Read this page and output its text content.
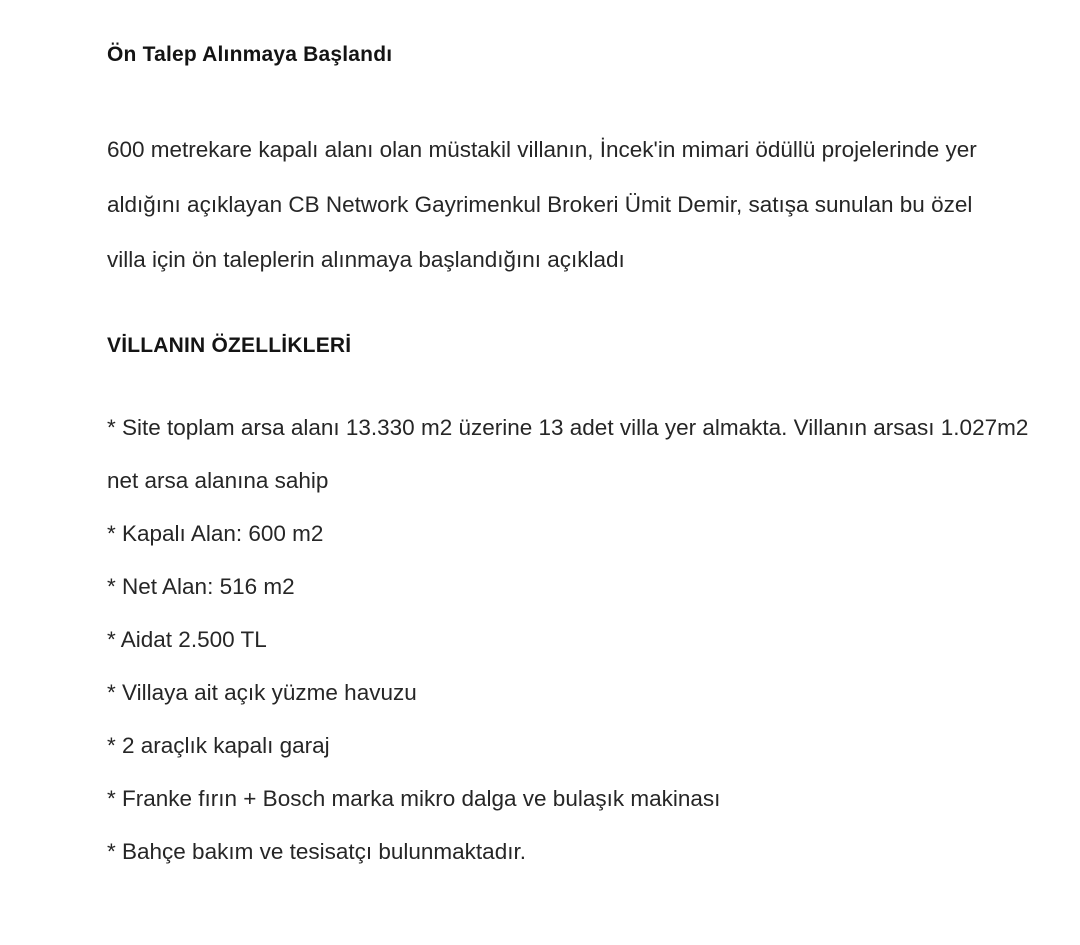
Ön Talep Alınmaya Başlandı

600 metrekare kapalı alanı olan müstakil villanın, İncek'in mimari ödüllü projelerinde yer aldığını açıklayan CB Network Gayrimenkul Brokeri Ümit Demir, satışa sunulan bu özel villa için ön taleplerin alınmaya başlandığını açıkladı

VİLLANIN ÖZELLİKLERİ
* Site toplam arsa alanı 13.330 m2 üzerine 13 adet villa yer almakta. Villanın arsası 1.027m2 net arsa alanına sahip
* Kapalı Alan: 600 m2
* Net Alan: 516 m2
* Aidat 2.500 TL
* Villaya ait açık yüzme havuzu
* 2 araçlık kapalı garaj
* Franke fırın + Bosch marka mikro dalga ve bulaşık makinası
* Bahçe bakım ve tesisatçı bulunmaktadır.
